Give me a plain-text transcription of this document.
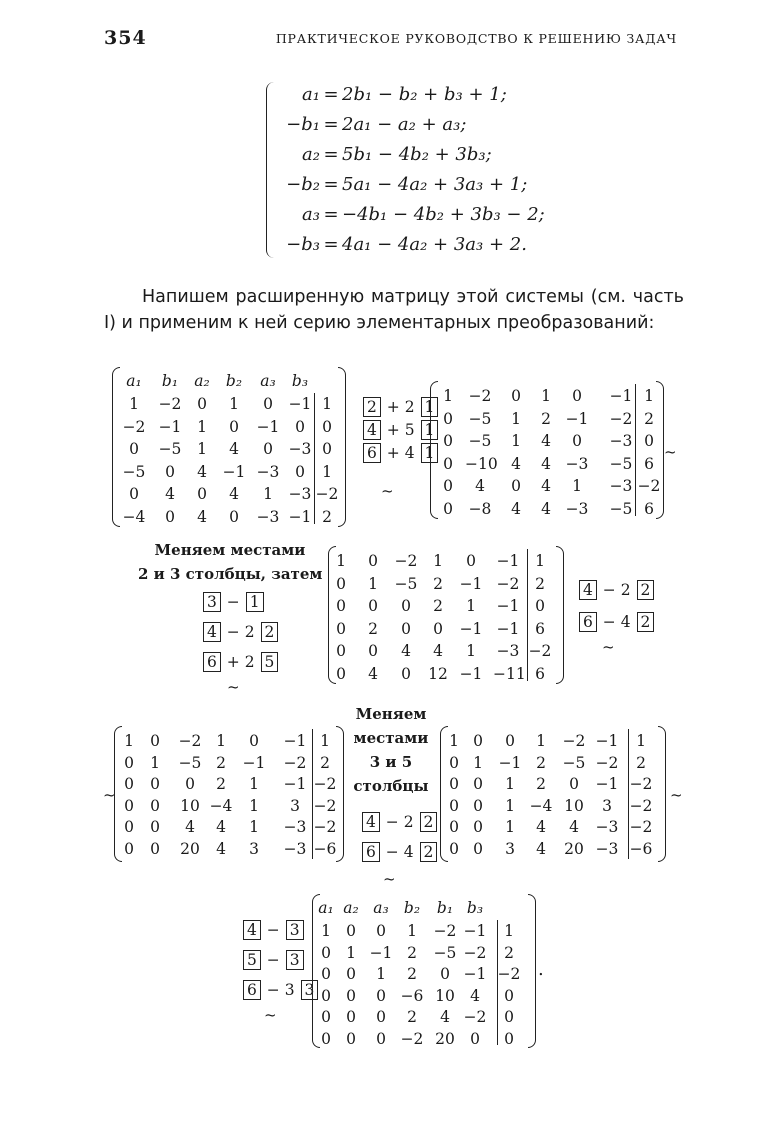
354	ПРАКТИЧЕСКОЕ РУКОВОДСТВО К РЕШЕНИЮ ЗАДАЧ
a₁ = 2b₁ − b₂ + b₃ + 1;
−b₁ = 2a₁ − a₂ + a₃;
a₂ = 5b₁ − 4b₂ + 3b₃;
−b₂ = 5a₁ − 4a₂ + 3a₃ + 1;
a₃ = −4b₁ − 4b₂ + 3b₃ − 2;
−b₃ = 4a₁ − 4a₂ + 3a₃ + 2.
Напишем расширенную матрицу этой системы (см. часть I) и применим к ней серию элементарных преобразований:
a₁	b₁	a₂	b₂	a₃	b₃
1	−2	0	1	0	−1 1
−2 −1	1	0	−1	0	0
0	−5	1	4	0	−3 0
−5	0	4	−1 −3	0	1
0	4	0	4	1	−3 −2
−4	0	4	0	−3 −1 2
2 + 2 1
4 + 5 1
6 + 4 1
~
1	−2	0	1	0	−1 1
0	−5	1	2 −1 −2 2
0	−5	1	4	0	−3 0
0 −10 4	4 −3 −5 6
0	4	0	4	1	−3 −2
0	−8	4	4 −3 −5 6
~
Меняем местами
2 и 3 столбцы, затем
3 − 1
4 − 2 2
6 + 2 5
~
1	0	−2	1	0	−1	1
0	1	−5	2	−1 −2	2
0	0	0	2	1	−1	0
0	2	0	0	−1 −1	6
0	0	4	4	1	−3 −2
0	4	0	12 −1 −11 6
4 − 2 2
6 − 4 2
~
~
1	0	−2 1	0	−1 1
0	1	−5 2	−1 −2 2
0	0	0	2	1	−1 −2
0	0	10 −4	1	3 −2
0	0	4	4	1	−3 −2
0	0	20	4	3	−3 −6
Меняем
местами
3 и 5
столбцы
4 − 2 2
6 − 4 2
~
1 0	0	1	−2 −1	1
0 1	−1 2	−5 −2	2
0 0	1	2	0	−1 −2
0 0	1 −4 10	3	−2
0 0	1	4	4	−3 −2
0 0	3	4	20 −3 −6
~
4 − 3
5 − 3
6 − 3 3
~
a₁ a₂ a₃ b₂	b₁ b₃
1 0	0	1	−2 −1	1
0 1 −1 2	−5 −2	2
0 0	1	2	0 −1 −2
0 0	0 −6 10 4	0
0 0	0	2	4 −2	0
0 0	0 −2 20 0	0
.
